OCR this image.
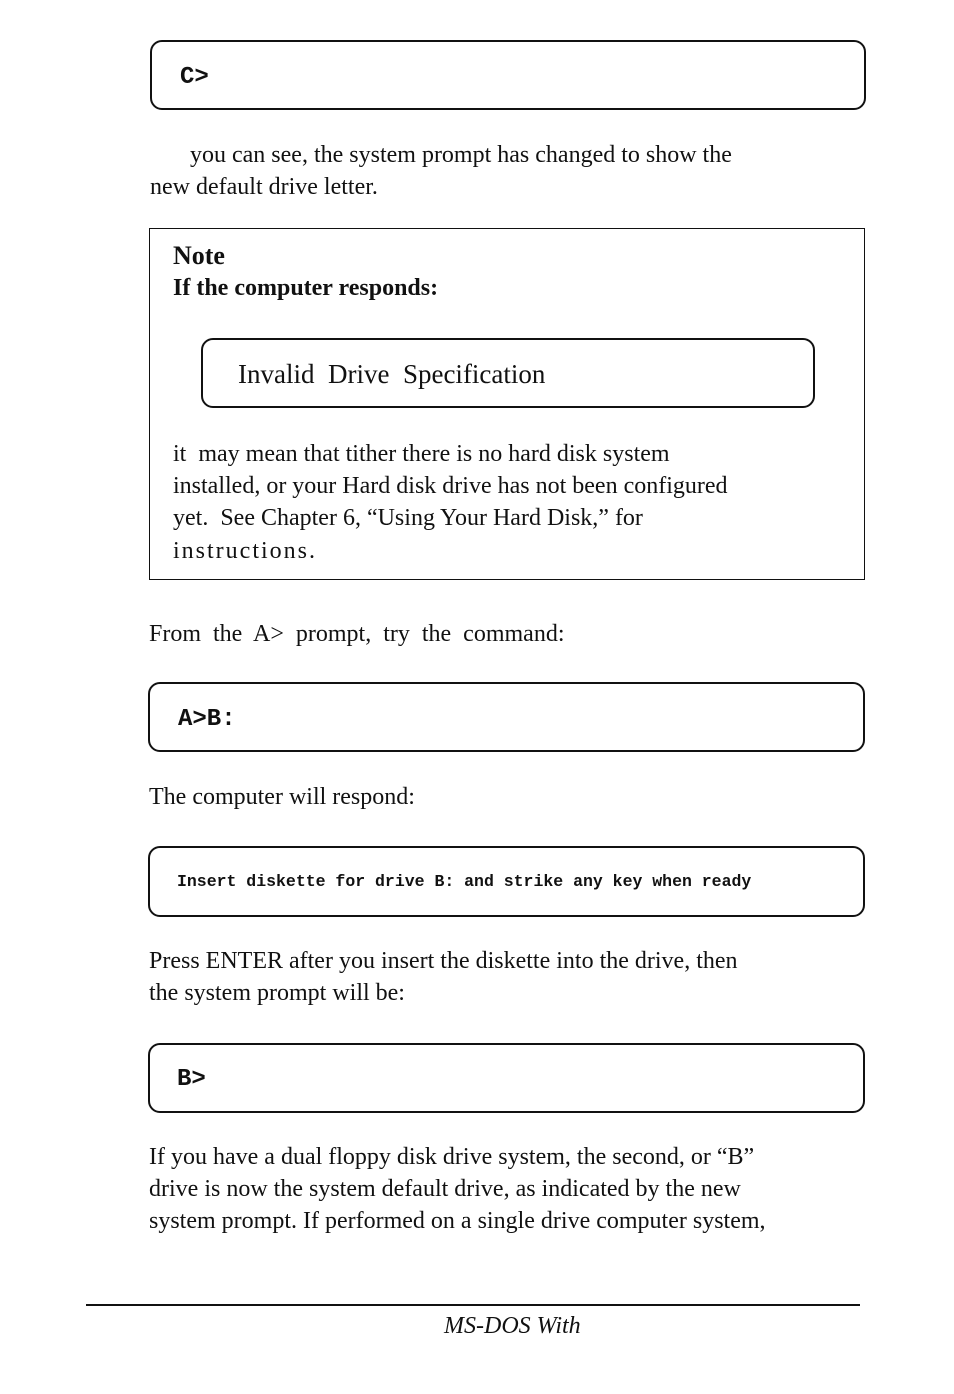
C>
you can see, the system prompt has changed to show the
new default drive letter.
Note
If the computer responds:
Invalid  Drive  Specification
it  may mean that tither there is no hard disk system
installed, or your Hard disk drive has not been configured
yet.  See Chapter 6, “Using Your Hard Disk,” for
instructions.
From  the  A>  prompt,  try  the  command:
A>B:
The computer will respond:
Insert diskette for drive B: and strike any key when ready
Press ENTER after you insert the diskette into the drive, then
the system prompt will be:
B>
If you have a dual floppy disk drive system, the second, or “B”
drive is now the system default drive, as indicated by the new
system prompt. If performed on a single drive computer system,
MS-DOS With
